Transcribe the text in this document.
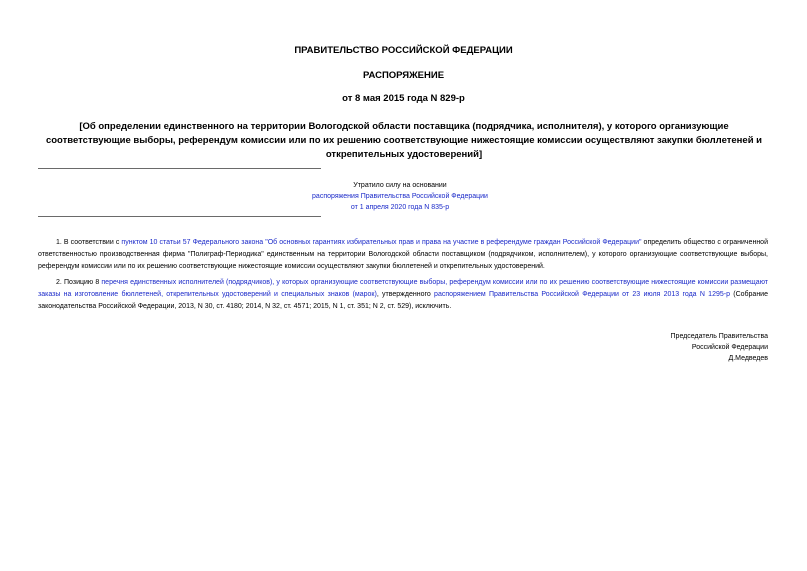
ПРАВИТЕЛЬСТВО РОССИЙСКОЙ ФЕДЕРАЦИИ
РАСПОРЯЖЕНИЕ
от 8 мая 2015 года N 829-р
[Об определении единственного на территории Вологодской области поставщика (подрядчика, исполнителя), у которого организующие соответствующие выборы, референдум комиссии или по их решению соответствующие нижестоящие комиссии осуществляют закупки бюллетеней и открепительных удостоверений]
Утратило силу на основании
распоряжения Правительства Российской Федерации
от 1 апреля 2020 года N 835-р

1. В соответствии с пунктом 10 статьи 57 Федерального закона "Об основных гарантиях избирательных прав и права на участие в референдуме граждан Российской Федерации" определить общество с ограниченной ответственностью производственная фирма "Полиграф-Периодика" единственным на территории Вологодской области поставщиком (подрядчиком, исполнителем), у которого организующие соответствующие выборы, референдум комиссии или по их решению соответствующие нижестоящие комиссии осуществляют закупки бюллетеней и открепительных удостоверений.

2. Позицию 8 перечня единственных исполнителей (подрядчиков), у которых организующие соответствующие выборы, референдум комиссии или по их решению соответствующие нижестоящие комиссии размещают заказы на изготовление бюллетеней, открепительных удостоверений и специальных знаков (марок), утвержденного распоряжением Правительства Российской Федерации от 23 июля 2013 года N 1295-р (Собрание законодательства Российской Федерации, 2013, N 30, ст. 4180; 2014, N 32, ст. 4571; 2015, N 1, ст. 351; N 2, ст. 529), исключить.

Председатель Правительства
Российской Федерации
Д.Медведев
